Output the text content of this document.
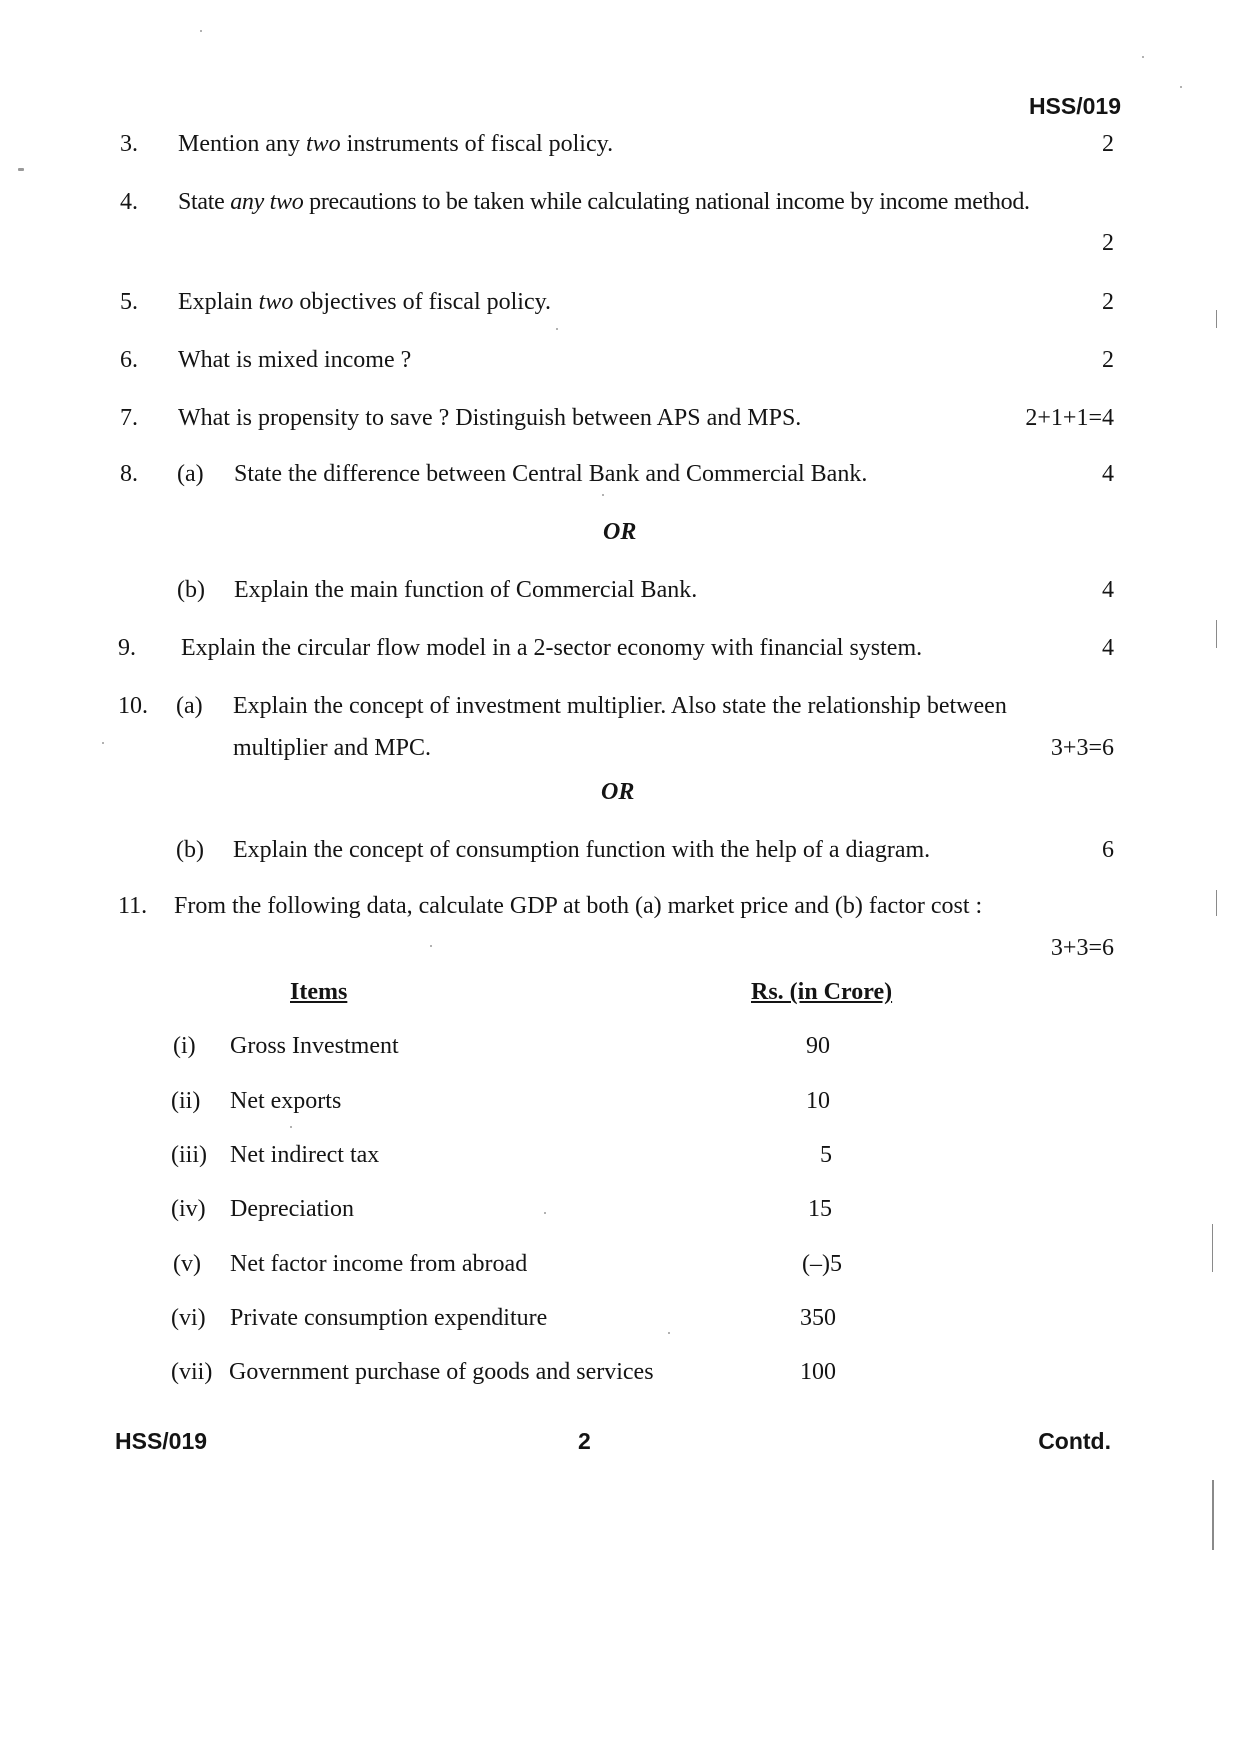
HSS/019
3. Mention any two instruments of fiscal policy.	2
4. State any two precautions to be taken while calculating national income by income method.
2
5. Explain two objectives of fiscal policy.	2
6. What is mixed income ?	2
7. What is propensity to save ? Distinguish between APS and MPS.	2+1+1=4
8. (a) State the difference between Central Bank and Commercial Bank.	4
OR
(b) Explain the main function of Commercial Bank.	4
9. Explain the circular flow model in a 2-sector economy with financial system.	4
10. (a) Explain the concept of investment multiplier. Also state the relationship between
multiplier and MPC.	3+3=6
OR
(b) Explain the concept of consumption function with the help of a diagram.	6
11. From the following data, calculate GDP at both (a) market price and (b) factor cost :
3+3=6
Items	Rs. (in Crore)
(i) Gross Investment	90
(ii) Net exports	10
(iii) Net indirect tax	5
(iv) Depreciation	15
(v) Net factor income from abroad	(–)5
(vi) Private consumption expenditure	350
(vii) Government purchase of goods and services	100
HSS/019	2	Contd.
